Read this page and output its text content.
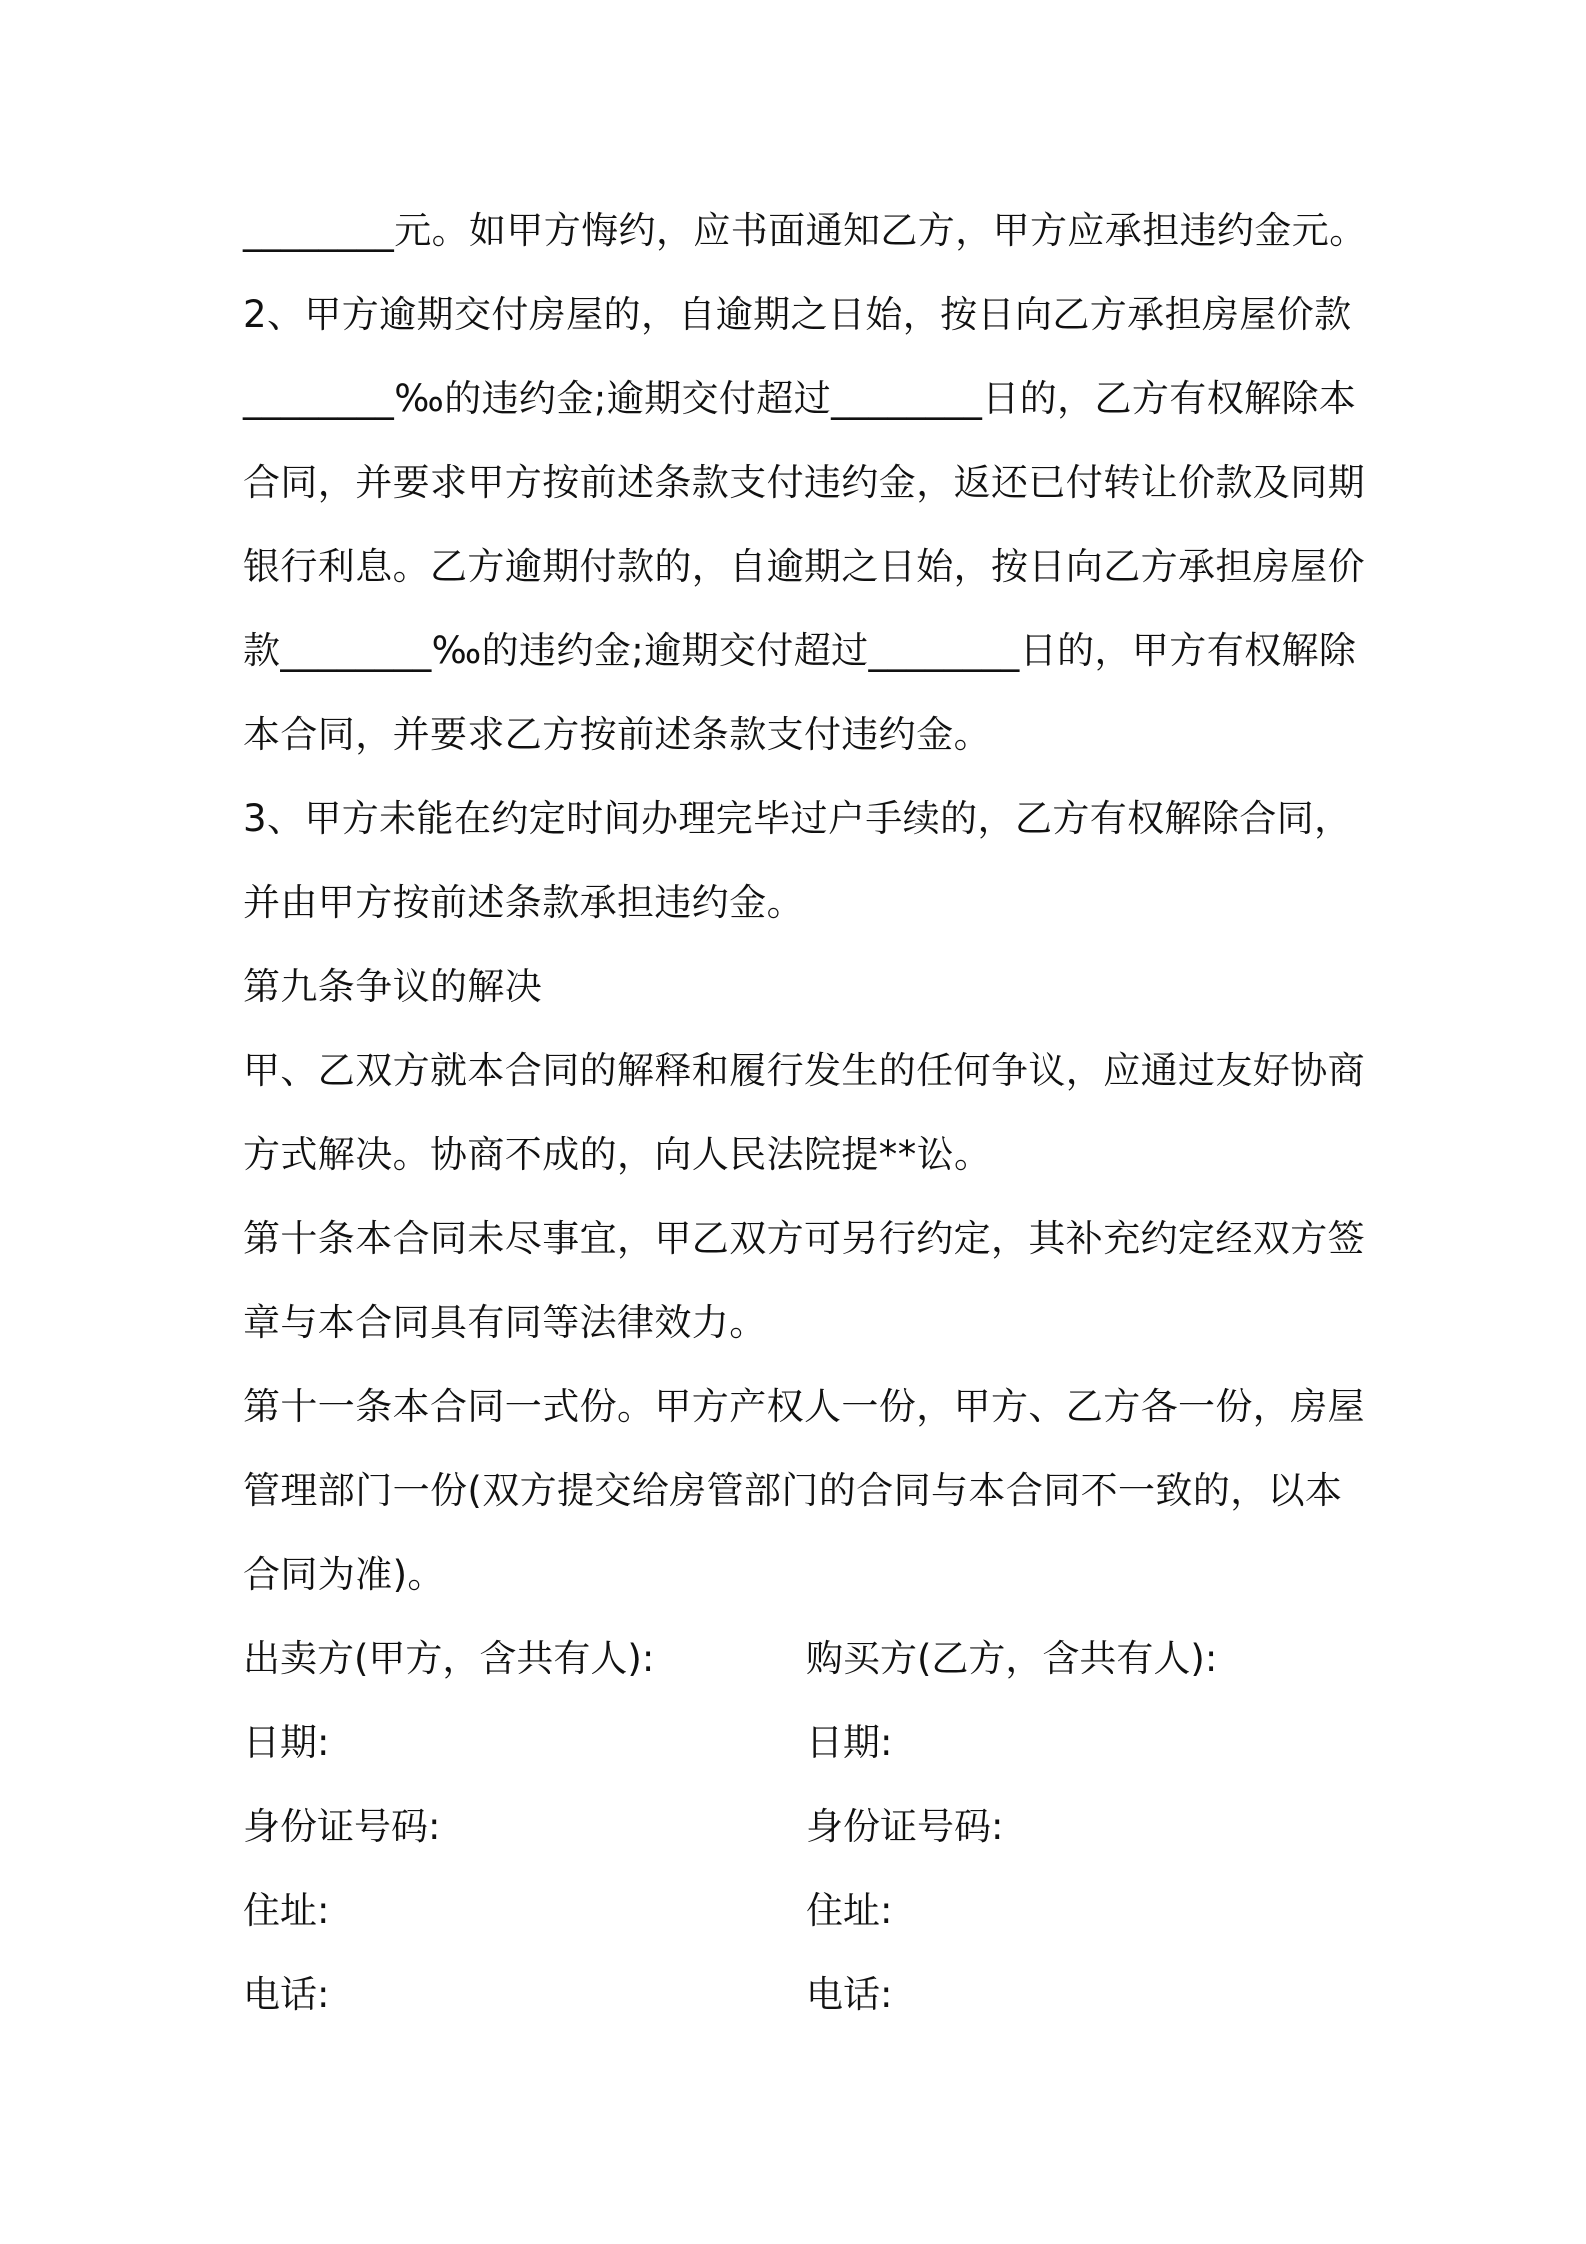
________元。如甲方悔约，应书面通知乙方，甲方应承担违约金元。
2、甲方逾期交付房屋的，自逾期之日始，按日向乙方承担房屋价款
________‰的违约金;逾期交付超过________日的，乙方有权解除本
合同，并要求甲方按前述条款支付违约金，返还已付转让价款及同期
银行利息。乙方逾期付款的，自逾期之日始，按日向乙方承担房屋价
款________‰的违约金;逾期交付超过________日的，甲方有权解除
本合同，并要求乙方按前述条款支付违约金。
3、甲方未能在约定时间办理完毕过户手续的，乙方有权解除合同，
并由甲方按前述条款承担违约金。
第九条争议的解决
甲、乙双方就本合同的解释和履行发生的任何争议，应通过友好协商
方式解决。协商不成的，向人民法院提**讼。
第十条本合同未尽事宜，甲乙双方可另行约定，其补充约定经双方签
章与本合同具有同等法律效力。
第十一条本合同一式份。甲方产权人一份，甲方、乙方各一份，房屋
管理部门一份(双方提交给房管部门的合同与本合同不一致的，以本
合同为准)。
出卖方(甲方，含共有人):	购买方(乙方，含共有人):
日期:	日期:
身份证号码:	身份证号码:
住址:	住址:
电话:	电话:
